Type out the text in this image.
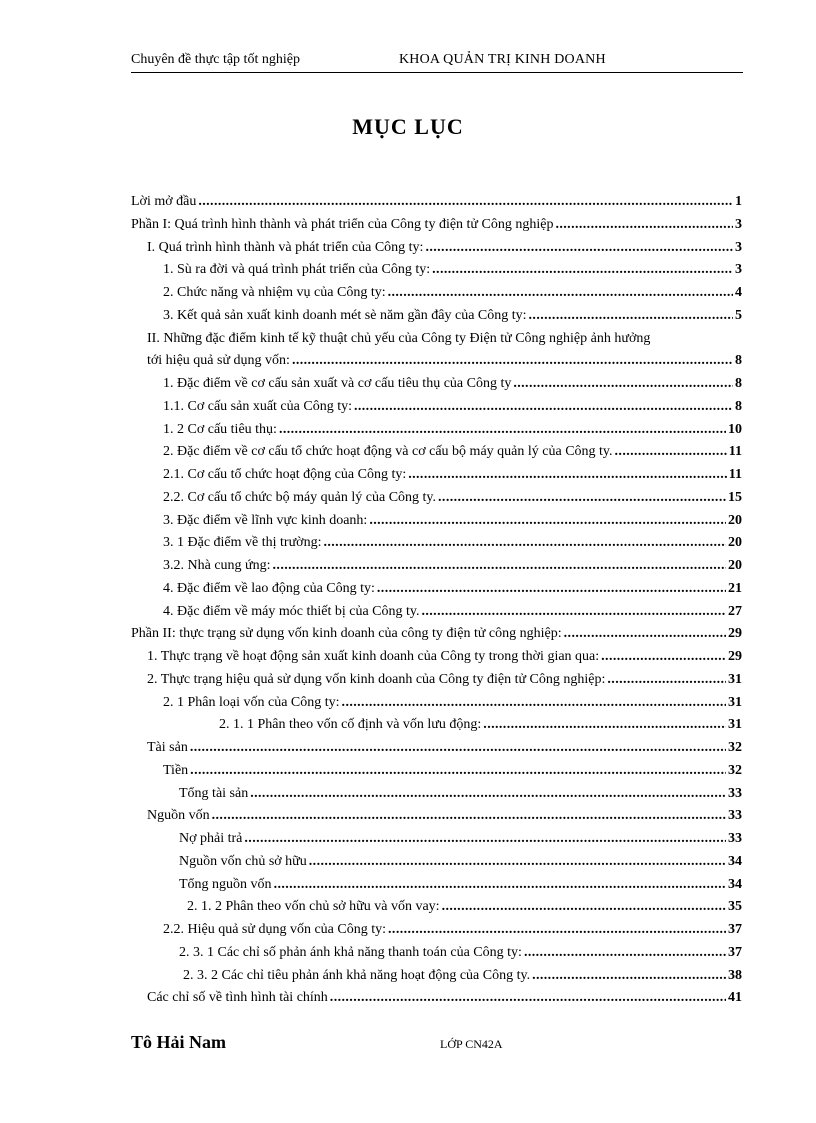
Chuyên đề thực tập tốt nghiệp	KHOA QUẢN TRỊ KINH DOANH
MỤC LỤC
Lời mở đầu .....	1
Phần I: Quá trình hình thành và phát triển của Công ty điện tử Công nghiệp .....	3
I. Quá trình hình thành và phát triển của Công ty: .....	3
1. Sù ra đời và quá trình phát triển của Công ty: .....	3
2. Chức năng và nhiệm vụ của Công ty: .....	4
3. Kết quả sản xuất kinh doanh mét sè năm gần đây của Công ty: .....	5
II. Những đặc điểm kinh tế kỹ thuật chủ yếu của Công ty Điện tử Công nghiệp ảnh hưởng
tới hiệu quả sử dụng vốn: .....	8
1. Đặc điểm về cơ cấu sản xuất và cơ cấu tiêu thụ của Công ty .....	8
1.1. Cơ cấu sản xuất của Công ty: .....	8
1. 2 Cơ cấu tiêu thụ: .....	10
2. Đặc điểm về cơ cấu tổ chức hoạt động và cơ cấu bộ máy quản lý của Công ty. .....	11
2.1. Cơ cấu tổ chức hoạt động của Công ty: .....	11
2.2. Cơ cấu tổ chức bộ máy quản lý của Công ty. .....	15
3. Đặc điểm về lĩnh vực kinh doanh: .....	20
3. 1 Đặc điểm về thị trường: .....	20
3.2. Nhà cung ứng: .....	20
4. Đặc điểm về lao động của Công ty: .....	21
4. Đặc điểm về máy móc thiết bị của Công ty. .....	27
Phần II: thực trạng sử dụng vốn kinh doanh của công ty điện tử công nghiệp: .....	29
1. Thực trạng về hoạt động sản xuất kinh doanh của Công ty trong thời gian qua: .....	29
2. Thực trạng hiệu quả sử dụng vốn kinh doanh của Công ty điện tử Công nghiệp: .....	31
2. 1 Phân loại vốn của Công ty: .....	31
2. 1. 1 Phân theo vốn cố định và vốn lưu động: .....	31
Tài sản .....	32
Tiền .....	32
Tổng tài sản .....	33
Nguồn vốn .....	33
Nợ phải trả .....	33
Nguồn vốn chủ sở hữu .....	34
Tổng nguồn vốn .....	34
2. 1. 2 Phân theo vốn chủ sở hữu và vốn vay: .....	35
2.2. Hiệu quả sử dụng vốn của Công ty: .....	37
2. 3. 1 Các chỉ số phản ánh khả năng thanh toán của Công ty: .....	37
2. 3. 2 Các chỉ tiêu phản ánh khả năng hoạt động của Công ty. .....	38
Các chỉ số về tình hình tài chính .....	41
Tô Hải Nam	LỚP CN42A
